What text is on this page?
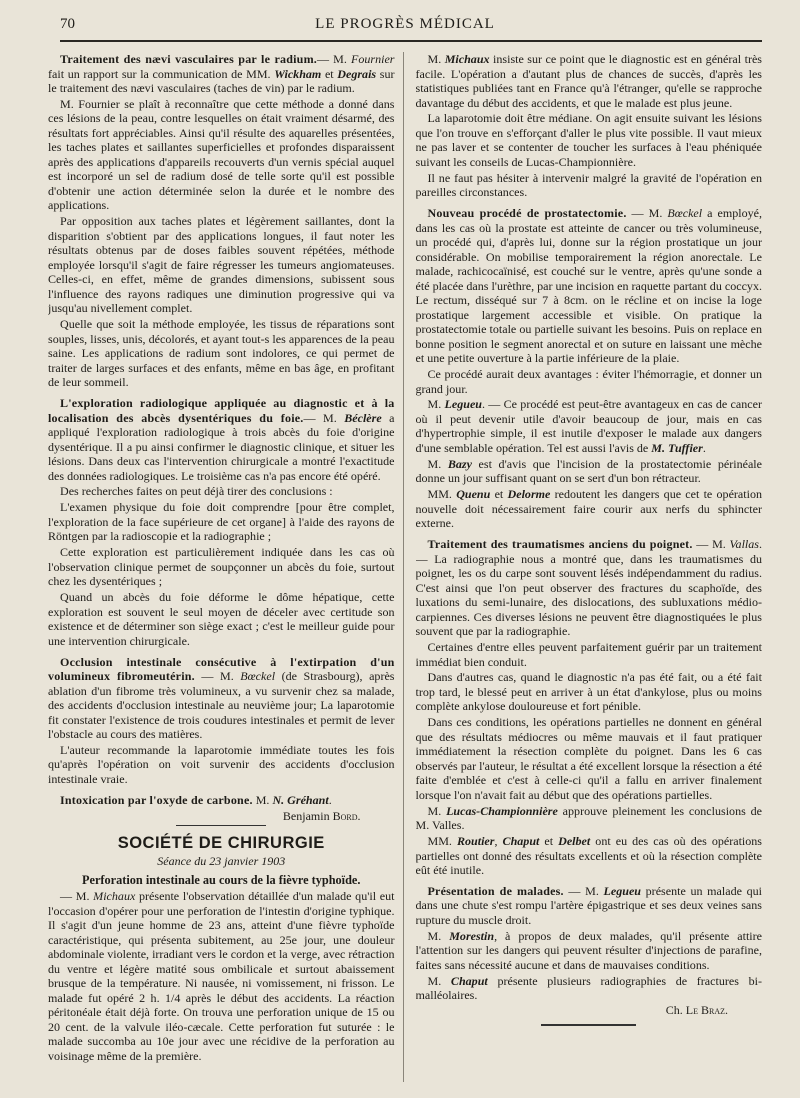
70	LE PROGRÈS MÉDICAL

Traitement des nævi vasculaires par le radium.— M. Fournier fait un rapport sur la communication de MM. Wickham et Degrais sur le traitement des nævi vasculaires (taches de vin) par le radium.

M. Fournier se plaît à reconnaître que cette méthode a donné dans ces lésions de la peau, contre lesquelles on était vraiment désarmé, des résultats fort appréciables. Ainsi qu'il résulte des aquarelles présentées, les taches plates et saillantes superficielles et profondes disparaissent après des applications d'appareils recouverts d'un vernis spécial auquel est incorporé un sel de radium dosé de telle sorte qu'il est possible d'obtenir une action déterminée selon la durée et le nombre des applications.

Par opposition aux taches plates et légèrement saillantes, dont la disparition s'obtient par des applications longues, il faut noter les résultats obtenus par de doses faibles souvent répétées, méthode employée lorsqu'il s'agit de faire régresser les tumeurs angiomateuses. Celles-ci, en effet, même de grandes dimensions, subissent sous l'influence des rayons radiques une diminution progressive qui va jusqu'au nivellement complet.

Quelle que soit la méthode employée, les tissus de réparations sont souples, lisses, unis, décolorés, et ayant tout-s les apparences de la peau saine. Les applications de radium sont indolores, ce qui permet de traiter de larges surfaces et des enfants, même en bas âge, en profitant de leur sommeil.

L'exploration radiologique appliquée au diagnostic et à la localisation des abcès dysentériques du foie.— M. Béclère a appliqué l'exploration radiologique à trois abcès du foie d'origine dysentérique. Il a pu ainsi confirmer le diagnostic clinique, et situer les lésions. Dans deux cas l'intervention chirurgicale a montré l'exactitude des données radiologiques. Le troisième cas n'a pas encore été opéré.

Des recherches faites on peut déjà tirer des conclusions :

L'examen physique du foie doit comprendre [pour être complet, l'exploration de la face supérieure de cet organe] à l'aide des rayons de Röntgen par la radioscopie et la radiographie ;

Cette exploration est particulièrement indiquée dans les cas où l'observation clinique permet de soupçonner un abcès du foie, surtout chez les dysentériques ;

Quand un abcès du foie déforme le dôme hépatique, cette exploration est souvent le seul moyen de déceler avec certitude son existence et de déterminer son siège exact ; c'est le meilleur guide pour une intervention chirurgicale.

Occlusion intestinale consécutive à l'extirpation d'un volumineux fibromeutérin. — M. Bœckel (de Strasbourg), après ablation d'un fibrome très volumineux, a vu survenir chez sa malade, des accidents d'occlusion intestinale au neuvième jour; La laparotomie fit constater l'existence de trois coudures intestinales et permit de lever l'obstacle au cours des matières.

L'auteur recommande la laparotomie immédiate toutes les fois qu'après l'opération on voit survenir des accidents d'occlusion intestinale vraie.

Intoxication par l'oxyde de carbone. M. N. Gréhant.

Benjamin Bord.
SOCIÉTÉ DE CHIRURGIE
Séance du 23 janvier 1903
Perforation intestinale au cours de la fièvre typhoïde.

— M. Michaux présente l'observation détaillée d'un malade qu'il eut l'occasion d'opérer pour une perforation de l'intestin d'origine typhique. Il s'agit d'un jeune homme de 23 ans, atteint d'une fièvre typhoïde caractéristique, qui présenta subitement, au 25e jour, une douleur abdominale violente, irradiant vers le cordon et la verge, avec rétraction du ventre et légère matité sous ombilicale et surtout abaissement brusque de la température. Ni nausée, ni vomissement, ni frisson. Le malade fut opéré 2 h. 1/4 après le début des accidents. La réaction péritonéale était déjà forte. On trouva une perforation unique de 15 ou 20 cent. de la valvule iléo-cæcale. Cette perforation fut suturée : le malade succomba au 10e jour avec une récidive de la perforation au voisinage même de la première.

M. Michaux insiste sur ce point que le diagnostic est en général très facile. L'opération a d'autant plus de chances de succès, d'après les statistiques publiées tant en France qu'à l'étranger, qu'elle se rapproche davantage du début des accidents, et que le malade est plus jeune.

La laparotomie doit être médiane. On agit ensuite suivant les lésions que l'on trouve en s'efforçant d'aller le plus vite possible. Il vaut mieux ne pas laver et se contenter de toucher les surfaces à l'eau phéniquée suivant les conseils de Lucas-Championnière.

Il ne faut pas hésiter à intervenir malgré la gravité de l'opération en pareilles circonstances.

Nouveau procédé de prostatectomie. — M. Bœckel a employé, dans les cas où la prostate est atteinte de cancer ou très volumineuse, un procédé qui, d'après lui, donne sur la région prostatique un jour considérable. On mobilise temporairement la région anorectale. Le malade, rachicocaïnisé, est couché sur le ventre, après qu'une sonde a été placée dans l'urèthre, par une incision en raquette partant du coccyx. Le rectum, disséqué sur 7 à 8cm. on le récline et on incise la loge prostatique largement accessible et visible. On pratique la prostatectomie totale ou partielle suivant les besoins. Puis on replace en bonne position le segment anorectal et on suture en laissant une mèche et une petite ouverture à la partie inférieure de la plaie.

Ce procédé aurait deux avantages : éviter l'hémorragie, et donner un grand jour.

M. Legueu. — Ce procédé est peut-être avantageux en cas de cancer où il peut devenir utile d'avoir beaucoup de jour, mais en cas d'hypertrophie simple, il est inutile d'exposer le malade aux dangers d'une semblable opération. Tel est aussi l'avis de M. Tuffier.

M. Bazy est d'avis que l'incision de la prostatectomie périnéale donne un jour suffisant quant on se sert d'un bon rétracteur.

MM. Quenu et Delorme redoutent les dangers que cet te opération nouvelle doit nécessairement faire courir aux nerfs du sphincter externe.

Traitement des traumatismes anciens du poignet. — M. Vallas. — La radiographie nous a montré que, dans les traumatismes du poignet, les os du carpe sont souvent lésés indépendamment du radius. C'est ainsi que l'on peut observer des fractures du scaphoïde, des luxations du semi-lunaire, des dislocations, des subluxations médio-carpiennes. Ces diverses lésions ne peuvent être diagnostiquées le plus souvent que par la radiographie.

Certaines d'entre elles peuvent parfaitement guérir par un traitement immédiat bien conduit.

Dans d'autres cas, quand le diagnostic n'a pas été fait, ou a été fait trop tard, le blessé peut en arriver à un état d'ankylose, plus ou moins complète ankylose douloureuse et fort pénible.

Dans ces conditions, les opérations partielles ne donnent en général que des résultats médiocres ou même mauvais et il faut pratiquer immédiatement la résection complète du poignet. Dans les 6 cas observés par l'auteur, le résultat a été excellent lorsque la résection a été faite d'emblée et c'est à celle-ci qu'il a fallu en arriver finalement lorsque l'on n'avait fait au début que des opérations partielles.

M. Lucas-Championnière approuve pleinement les conclusions de M. Valles.

MM. Routier, Chaput et Delbet ont eu des cas où des opérations partielles ont donné des résultats excellents et où la résection complète eût été inutile.

Présentation de malades. — M. Legueu présente un malade qui dans une chute s'est rompu l'artère épigastrique et ses deux veines sans rupture du muscle droit.

M. Morestin, à propos de deux malades, qu'il présente attire l'attention sur les dangers qui peuvent résulter d'injections de parafine, faites sans nécessité aucune et dans de mauvaises conditions.

M. Chaput présente plusieurs radiographies de fractures bi-malléolaires.

Ch. Le Braz.
